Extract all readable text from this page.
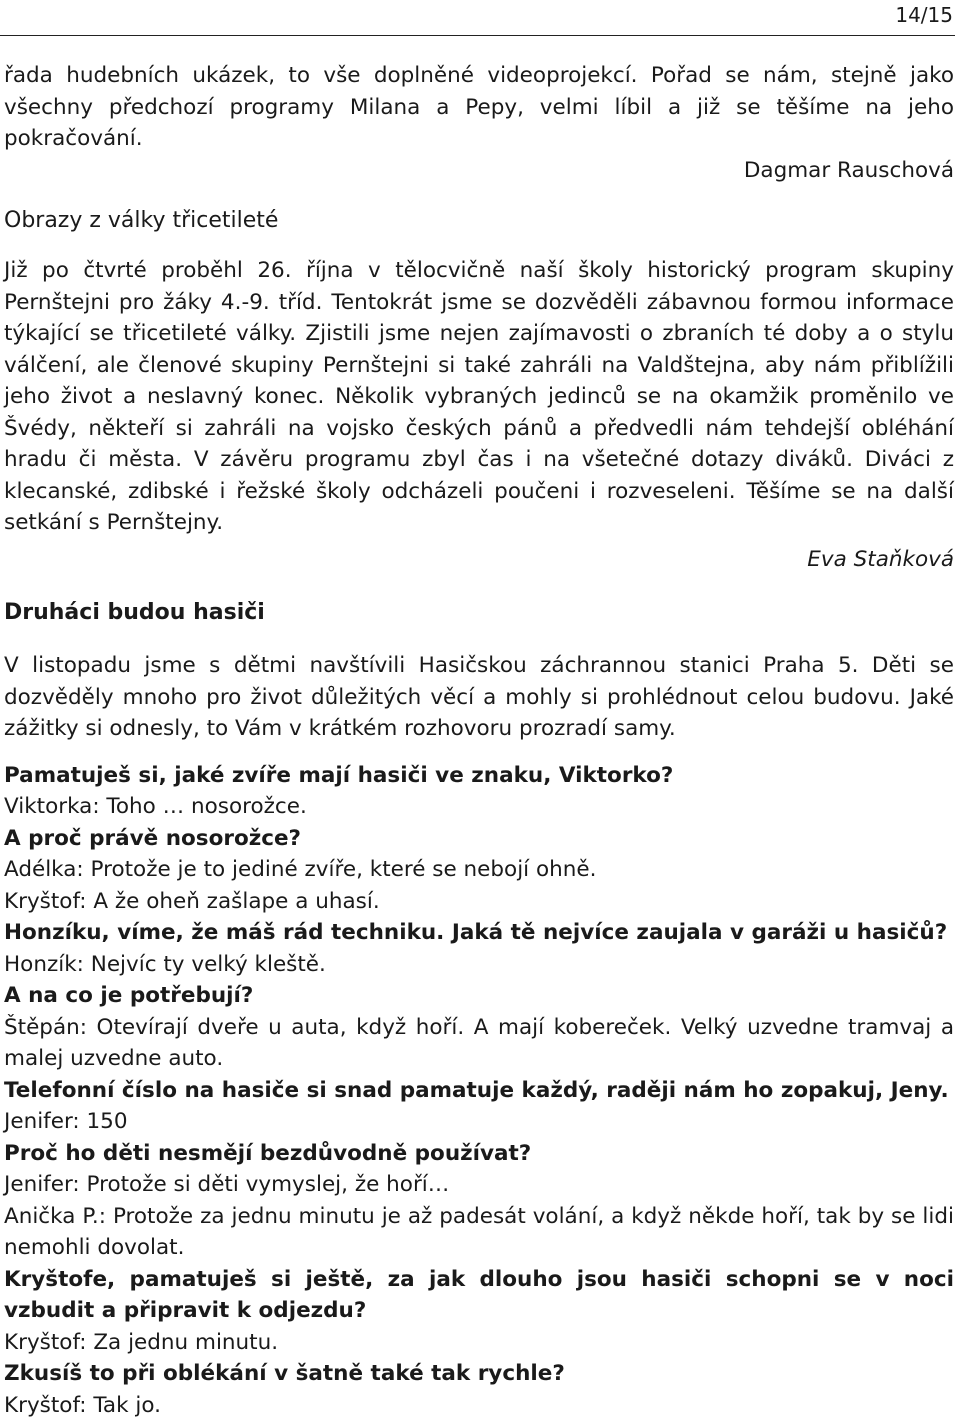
14/15

řada hudebních ukázek, to vše doplněné videoprojekcí. Pořad se nám, stejně jako všechny předchozí programy Milana a Pepy, velmi líbil a již se těšíme na jeho pokračování.

Dagmar Rauschová

Obrazy z války třicetileté

Již po čtvrté proběhl 26. října v tělocvičně naší školy historický program skupiny Pernštejni pro žáky 4.-9. tříd. Tentokrát jsme se dozvěděli zábavnou formou informace týkající se třicetileté války. Zjistili jsme nejen zajímavosti o zbraních té doby a o stylu válčení, ale členové skupiny Pernštejni si také zahráli na Valdštejna, aby nám přiblížili jeho život a neslavný konec. Několik vybraných jedinců se na okamžik proměnilo ve Švédy, někteří si zahráli na vojsko českých pánů a předvedli nám tehdejší obléhání hradu či města. V závěru programu zbyl čas i na všetečné dotazy diváků. Diváci z klecanské, zdibské i řežské školy odcházeli poučeni i rozveseleni. Těšíme se na další setkání s Pernštejny.

Eva Staňková

Druháci budou hasiči

V listopadu jsme s dětmi navštívili Hasičskou záchrannou stanici Praha 5. Děti se dozvěděly mnoho pro život důležitých věcí a mohly si prohlédnout celou budovu. Jaké zážitky si odnesly, to Vám v krátkém rozhovoru prozradí samy.

Pamatuješ si, jaké zvíře mají hasiči ve znaku, Viktorko?

Viktorka: Toho … nosorožce.

A proč právě nosorožce?

Adélka: Protože je to jediné zvíře, které se nebojí ohně.

Kryštof: A že oheň zašlape a uhasí.

Honzíku, víme, že máš rád techniku. Jaká tě nejvíce zaujala v garáži u hasičů?

Honzík: Nejvíc ty velký kleště.

A na co je potřebují?

Štěpán: Otevírají dveře u auta, když hoří. A mají kobereček. Velký uzvedne tramvaj a malej uzvedne auto.

Telefonní číslo na hasiče si snad pamatuje každý, raději nám ho zopakuj, Jeny.

Jenifer: 150

Proč ho děti nesmějí bezdůvodně používat?

Jenifer: Protože si děti vymyslej, že hoří…

Anička P.: Protože za jednu minutu je až padesát volání, a když někde hoří, tak by se lidi nemohli dovolat.

Kryštofe, pamatuješ si ještě, za jak dlouho jsou hasiči schopni se v noci vzbudit a připravit k odjezdu?

Kryštof: Za jednu minutu.

Zkusíš to při oblékání v šatně také tak rychle?

Kryštof: Tak jo.
